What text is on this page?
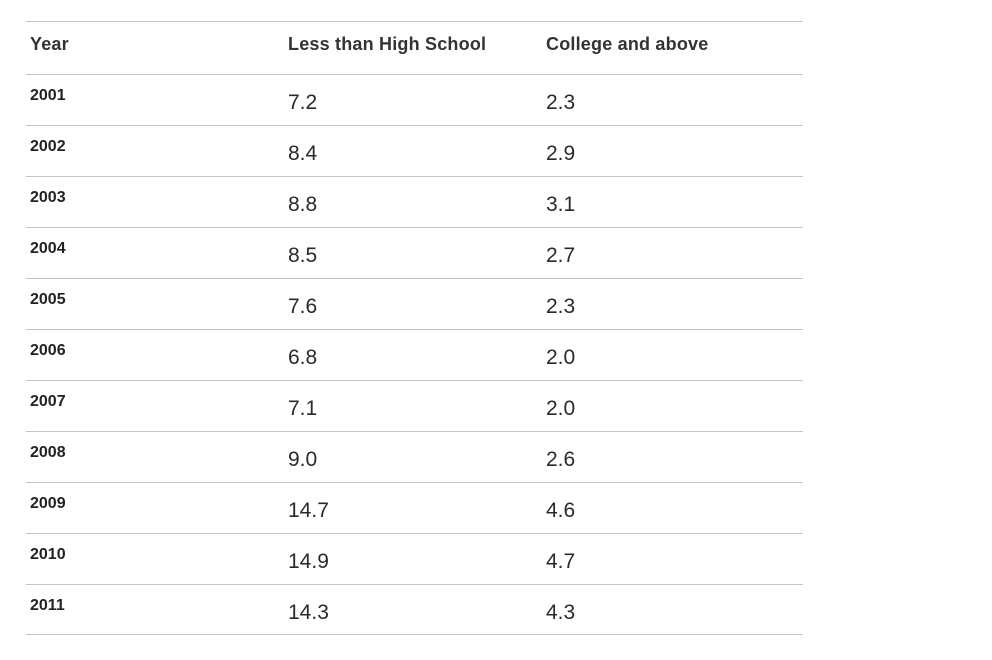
Year	Less than High School	College and above
2001	7.2	2.3
2002	8.4	2.9
2003	8.8	3.1
2004	8.5	2.7
2005	7.6	2.3
2006	6.8	2.0
2007	7.1	2.0
2008	9.0	2.6
2009	14.7	4.6
2010	14.9	4.7
2011	14.3	4.3
